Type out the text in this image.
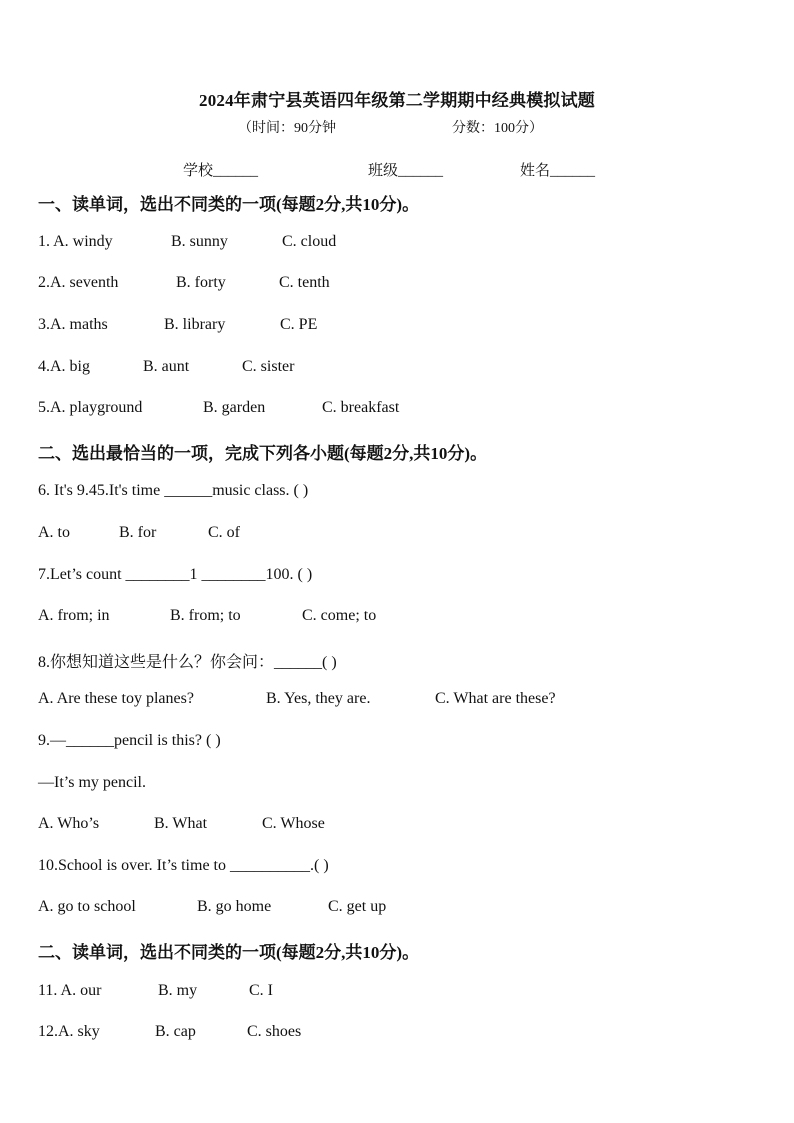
2024年肃宁县英语四年级第二学期期中经典模拟试题
（时间：90分钟	分数：100分）
学校______	班级______	姓名______
一、读单词，选出不同类的一项(每题2分,共10分)。
1. A. windy	B. sunny	C. cloud
2.A. seventh	B. forty	C. tenth
3.A. maths	B. library	C. PE
4.A. big	B. aunt	C. sister
5.A. playground	B. garden	C. breakfast
二、选出最恰当的一项，完成下列各小题(每题2分,共10分)。
6. It's 9.45.It's time ______music class. ( )
A. to	B. for	C. of
7.Let’s count ________1 ________100. ( )
A. from; in	B. from; to	C. come; to
8.你想知道这些是什么？你会问：______( )
A. Are these toy planes?	B. Yes, they are.	C. What are these?
9.—______pencil is this? ( )
—It’s my pencil.
A. Who’s	B. What	C. Whose
10.School is over. It’s time to __________.( )
A. go to school	B. go home	C. get up
二、读单词，选出不同类的一项(每题2分,共10分)。
11. A. our	B. my	C. I
12.A. sky	B. cap	C. shoes
